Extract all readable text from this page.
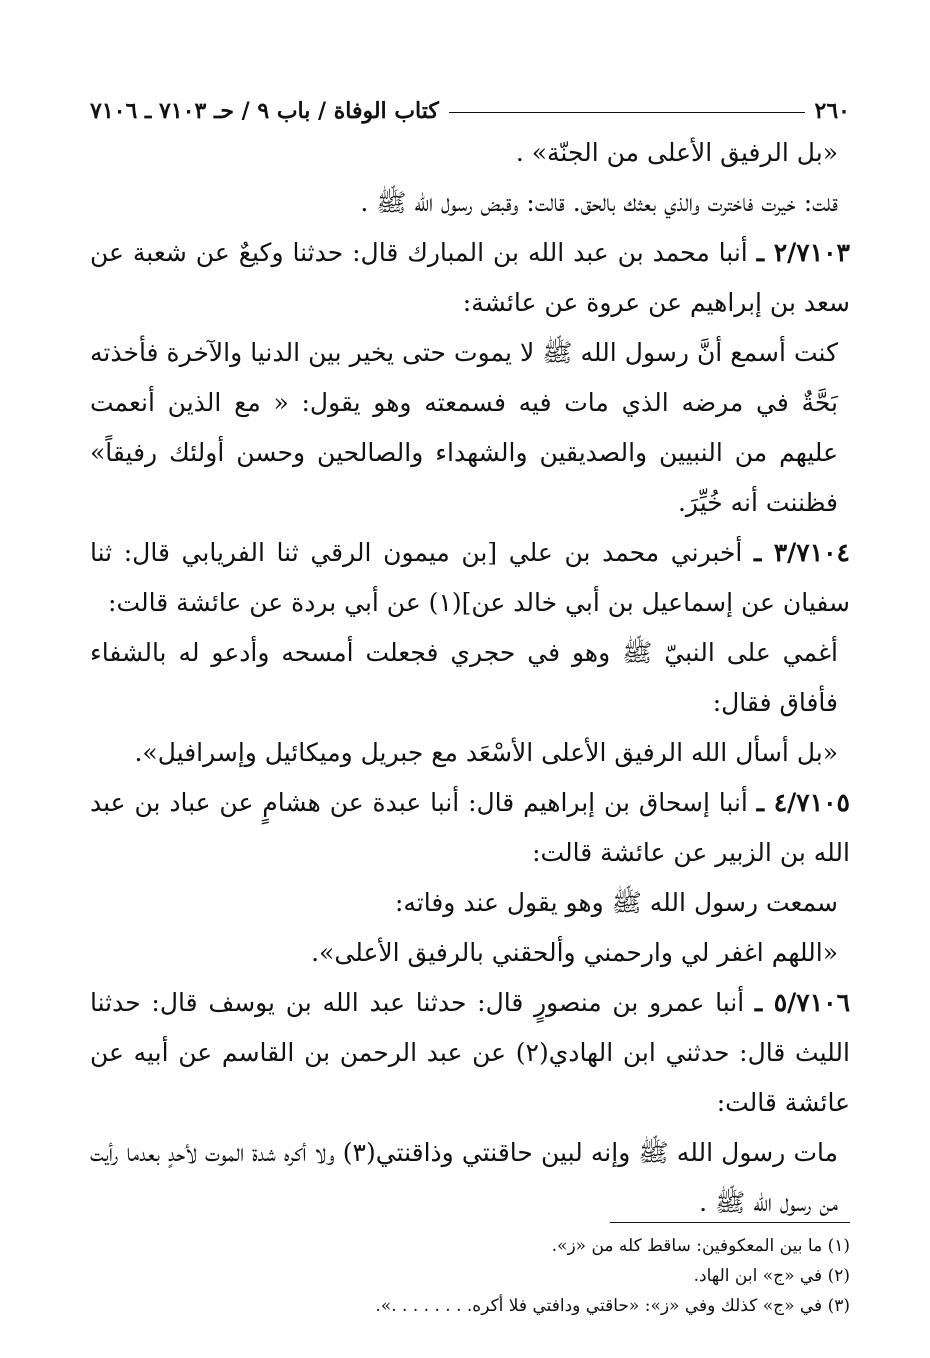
٢٦٠
كتاب الوفاة / باب ٩ / حـ ٧١٠٣ ـ ٧١٠٦

«بل الرفيق الأعلى من الجنّة» .

قلت: خيرت فاخترت والذي بعثك بالحق. قالت: وقبض رسول الله ﷺ .

٢/٧١٠٣ ـ أنبا محمد بن عبد الله بن المبارك قال: حدثنا وكيعٌ عن شعبة عن سعد بن إبراهيم عن عروة عن عائشة:

كنت أسمع أنَّ رسول الله ﷺ لا يموت حتى يخير بين الدنيا والآخرة فأخذته بَحَّةٌ في مرضه الذي مات فيه فسمعته وهو يقول: « مع الذين أنعمت عليهم من النبيين والصديقين والشهداء والصالحين وحسن أولئك رفيقاً» فظننت أنه خُيِّرَ.

٣/٧١٠٤ ـ أخبرني محمد بن علي [بن ميمون الرقي ثنا الفريابي قال: ثنا سفيان عن إسماعيل بن أبي خالد عن](١) عن أبي بردة عن عائشة قالت:

أغمي على النبيّ ﷺ وهو في حجري فجعلت أمسحه وأدعو له بالشفاء فأفاق فقال:

«بل أسأل الله الرفيق الأعلى الأسْعَد مع جبريل وميكائيل وإسرافيل».

٤/٧١٠٥ ـ أنبا إسحاق بن إبراهيم قال: أنبا عبدة عن هشامٍ عن عباد بن عبد الله بن الزبير عن عائشة قالت:

سمعت رسول الله ﷺ وهو يقول عند وفاته:

«اللهم اغفر لي وارحمني وألحقني بالرفيق الأعلى».

٥/٧١٠٦ ـ أنبا عمرو بن منصورٍ قال: حدثنا عبد الله بن يوسف قال: حدثنا الليث قال: حدثني ابن الهادي(٢) عن عبد الرحمن بن القاسم عن أبيه عن عائشة قالت:

مات رسول الله ﷺ وإنه لبين حاقنتي وذاقنتي(٣) ولا أكره شدة الموت لأحدٍ بعدما رأيت من رسول الله ﷺ .

(١) ما بين المعكوفين: ساقط كله من «ز».

(٢) في «ج» ابن الهاد.

(٣) في «ج» كذلك وفي «ز»: «حاقتي ودافتي فلا أكره. . . . . . . .».
